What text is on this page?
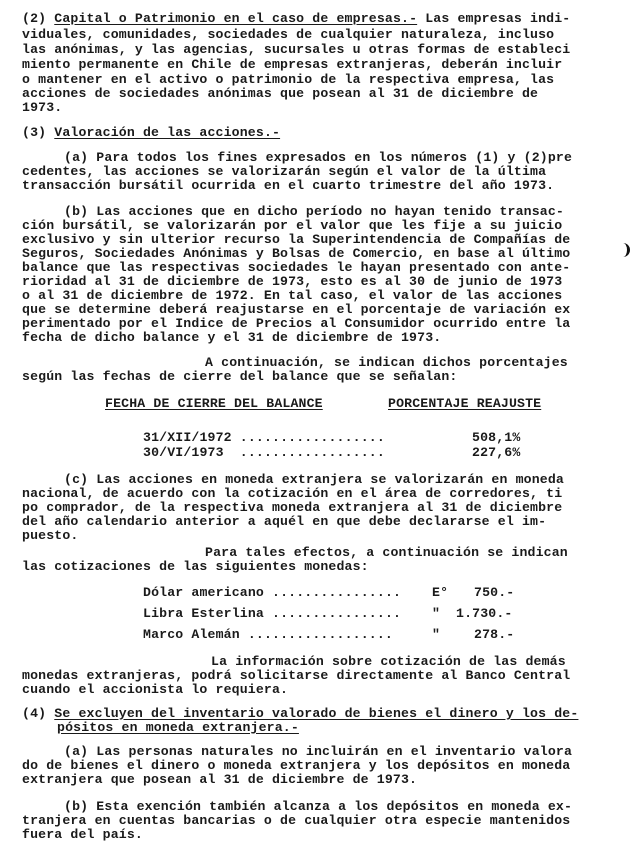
(2) Capital o Patrimonio en el caso de empresas.- Las empresas indi-
viduales, comunidades, sociedades de cualquier naturaleza, incluso
las anónimas, y las agencias, sucursales u otras formas de estableci
miento permanente en Chile de empresas extranjeras, deberán incluir
o mantener en el activo o patrimonio de la respectiva empresa, las
acciones de sociedades anónimas que posean al 31 de diciembre de
1973.
(3) Valoración de las acciones.-
(a) Para todos los fines expresados en los números (1) y (2)pre
cedentes, las acciones se valorizarán según el valor de la última
transacción bursátil ocurrida en el cuarto trimestre del año 1973.
(b) Las acciones que en dicho período no hayan tenido transac-
ción bursátil, se valorizarán por el valor que les fije a su juicio
exclusivo y sin ulterior recurso la Superintendencia de Compañías de
Seguros, Sociedades Anónimas y Bolsas de Comercio, en base al último
balance que las respectivas sociedades le hayan presentado con ante-
rioridad al 31 de diciembre de 1973, esto es al 30 de junio de 1973
o al 31 de diciembre de 1972. En tal caso, el valor de las acciones
que se determine deberá reajustarse en el porcentaje de variación ex
perimentado por el Indice de Precios al Consumidor ocurrido entre la
fecha de dicho balance y el 31 de diciembre de 1973.
A continuación, se indican dichos porcentajes
según las fechas de cierre del balance que se señalan:
FECHA DE CIERRE DEL BALANCE	PORCENTAJE REAJUSTE
31/XII/1972 ..................	508,1%
30/VI/1973 ..................	227,6%
(c) Las acciones en moneda extranjera se valorizarán en moneda
nacional, de acuerdo con la cotización en el área de corredores, ti
po comprador, de la respectiva moneda extranjera al 31 de diciembre
del año calendario anterior a aquél en que debe declararse el im-
puesto.
Para tales efectos, a continuación se indican
las cotizaciones de las siguientes monedas:
Dólar americano ................ E° 750.-
Libra Esterlina ................ " 1.730.-
Marco Alemán ..................	"	278.-
La información sobre cotización de las demás
monedas extranjeras, podrá solicitarse directamente al Banco Central
cuando el accionista lo requiera.
(4) Se excluyen del inventario valorado de bienes el dinero y los de-
pósitos en moneda extranjera.-
(a) Las personas naturales no incluirán en el inventario valora
do de bienes el dinero o moneda extranjera y los depósitos en moneda
extranjera que posean al 31 de diciembre de 1973.
(b) Esta exención también alcanza a los depósitos en moneda ex-
tranjera en cuentas bancarias o de cualquier otra especie mantenidos
fuera del país.
